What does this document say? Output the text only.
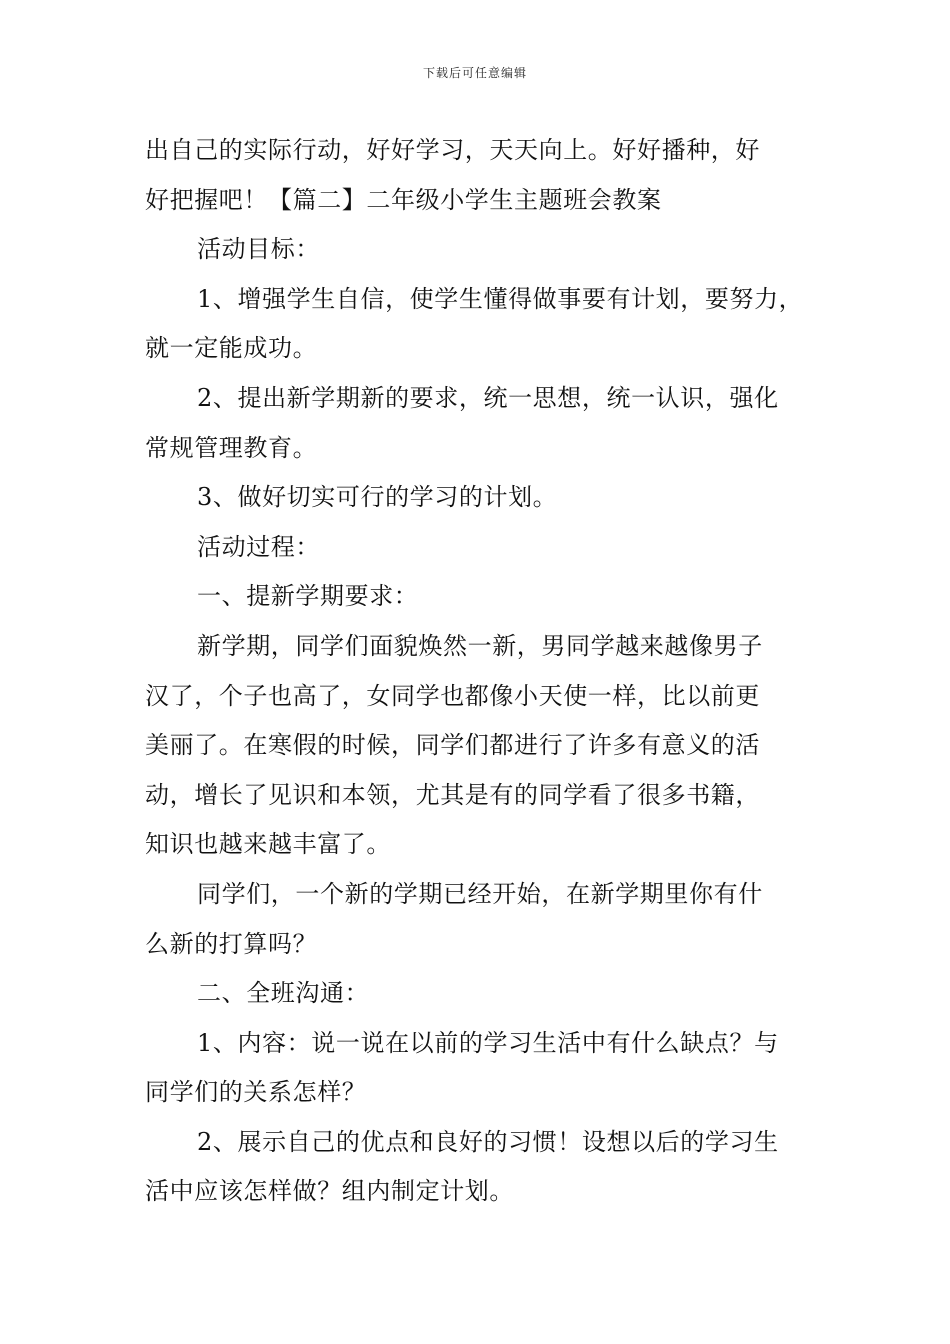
下载后可任意编辑
出自己的实际行动，好好学习，天天向上。好好播种，好
好把握吧！【篇二】二年级小学生主题班会教案
活动目标：
1、增强学生自信，使学生懂得做事要有计划，要努力，
就一定能成功。
2、提出新学期新的要求，统一思想，统一认识，强化
常规管理教育。
3、做好切实可行的学习的计划。
活动过程：
一、提新学期要求：
新学期，同学们面貌焕然一新，男同学越来越像男子
汉了，个子也高了，女同学也都像小天使一样，比以前更
美丽了。在寒假的时候，同学们都进行了许多有意义的活
动，增长了见识和本领，尤其是有的同学看了很多书籍，
知识也越来越丰富了。
同学们，一个新的学期已经开始，在新学期里你有什
么新的打算吗？
二、全班沟通：
1、内容：说一说在以前的学习生活中有什么缺点？与
同学们的关系怎样？
2、展示自己的优点和良好的习惯！设想以后的学习生
活中应该怎样做？组内制定计划。
